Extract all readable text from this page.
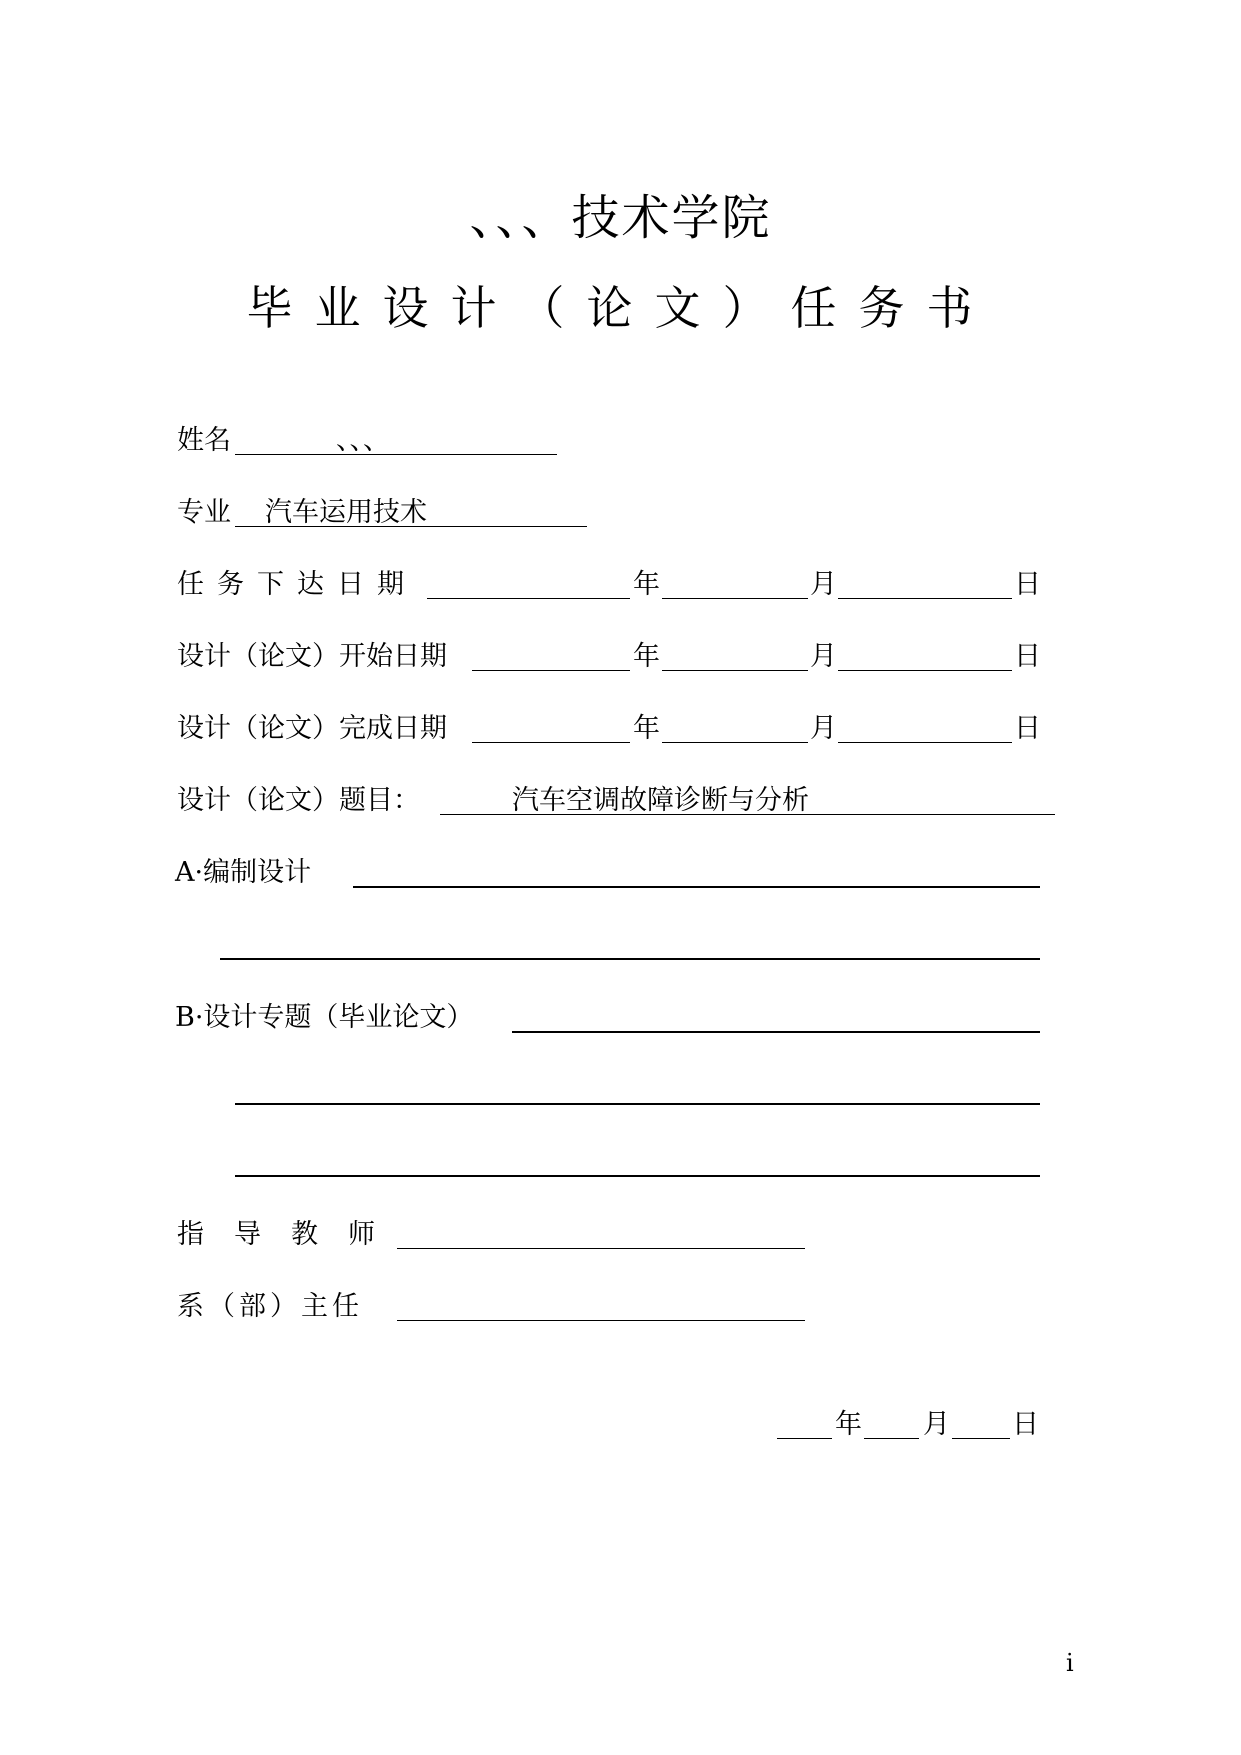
、、、技术学院
毕业设计（论文）任务书
姓名	、、、
专业 汽车运用技术
任务下达日期	年	月	日
设计（论文）开始日期	年	月	日
设计（论文）完成日期	年	月	日
设计（论文）题目：	汽车空调故障诊断与分析
A·编制设计
B·设计专题（毕业论文）
指导教师
系（部）主任
年 月 日
i
